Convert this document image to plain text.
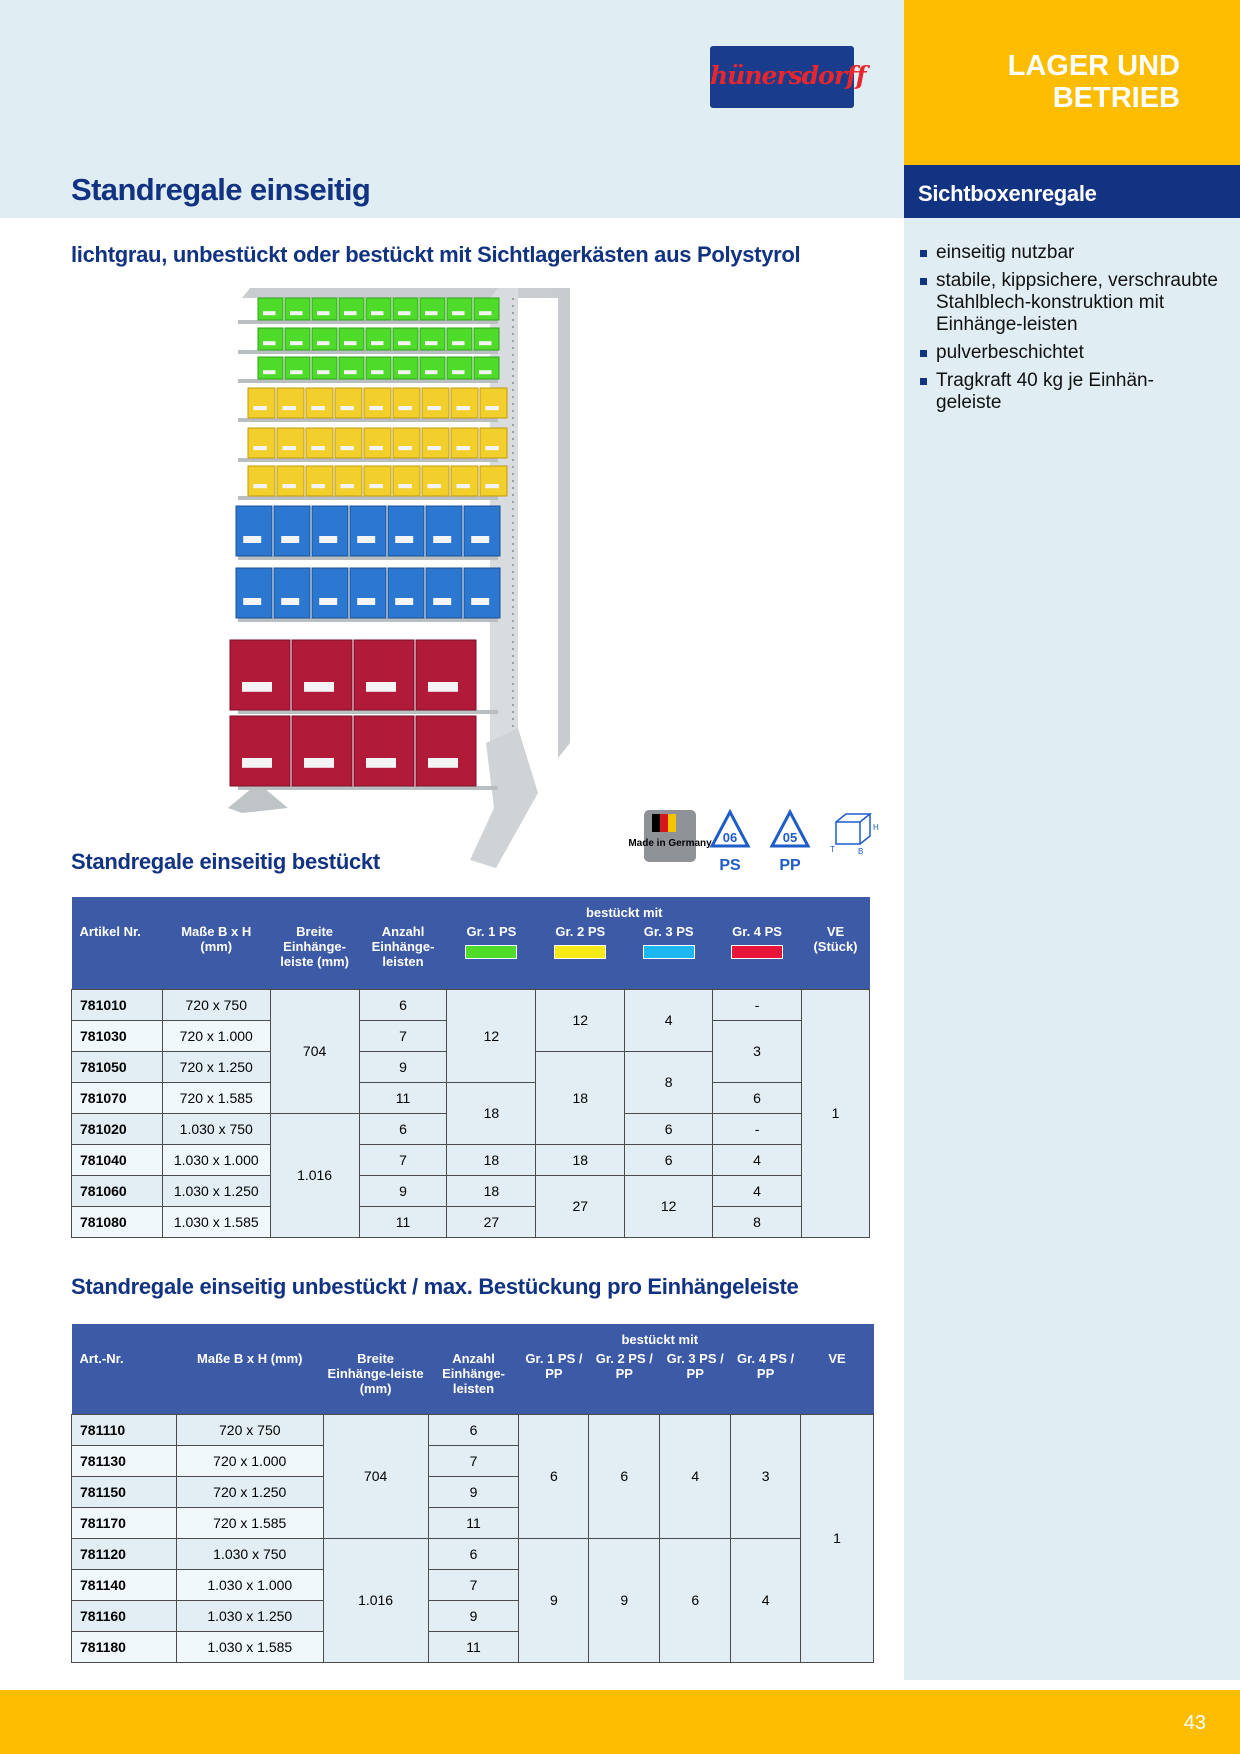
LAGER UND BETRIEB
Sichtboxenregale
einseitig nutzbar
stabile, kippsichere, verschraubte Stahlblech-konstruktion mit Einhänge-leisten
pulverbeschichtet
Tragkraft 40 kg je Einhän-geleiste
hünersdorff
Standregale einseitig
lichtgrau, unbestückt oder bestückt mit Sichtlagerkästen aus Polystyrol
Made in Germany 06
PS
05
PP
H
T	B
Standregale einseitig bestückt
				bestückt mit				
Artikel Nr.	Maße B x H (mm)	Breite Einhänge-leiste (mm)	Anzahl Einhänge-leisten	Gr. 1 PS	Gr. 2 PS	Gr. 3 PS	Gr. 4 PS	VE (Stück)
781010	720 x 750	704	6	12	12	4	-	1
781030	720 x 1.000		7				3	
781050	720 x 1.250		9		18	8		
781070	720 x 1.585		11	18			6	
781020	1.030 x 750	1.016	6			6	-	
781040	1.030 x 1.000		7	18	18	6	4	
781060	1.030 x 1.250		9	18	27	12	4	
781080	1.030 x 1.585		11	27			8	
Standregale einseitig unbestückt / max. Bestückung pro Einhängeleiste
				bestückt mit				
Art.-Nr.	Maße B x H (mm)	Breite Einhänge-leiste (mm)	Anzahl Einhänge-leisten	Gr. 1 PS / PP	Gr. 2 PS / PP	Gr. 3 PS / PP	Gr. 4 PS / PP	VE
781110	720 x 750	704	6	6	6	4	3	1
781130	720 x 1.000		7					
781150	720 x 1.250		9					
781170	720 x 1.585		11					
781120	1.030 x 750	1.016	6	9	9	6	4	
781140	1.030 x 1.000		7					
781160	1.030 x 1.250		9					
781180	1.030 x 1.585		11					
43
